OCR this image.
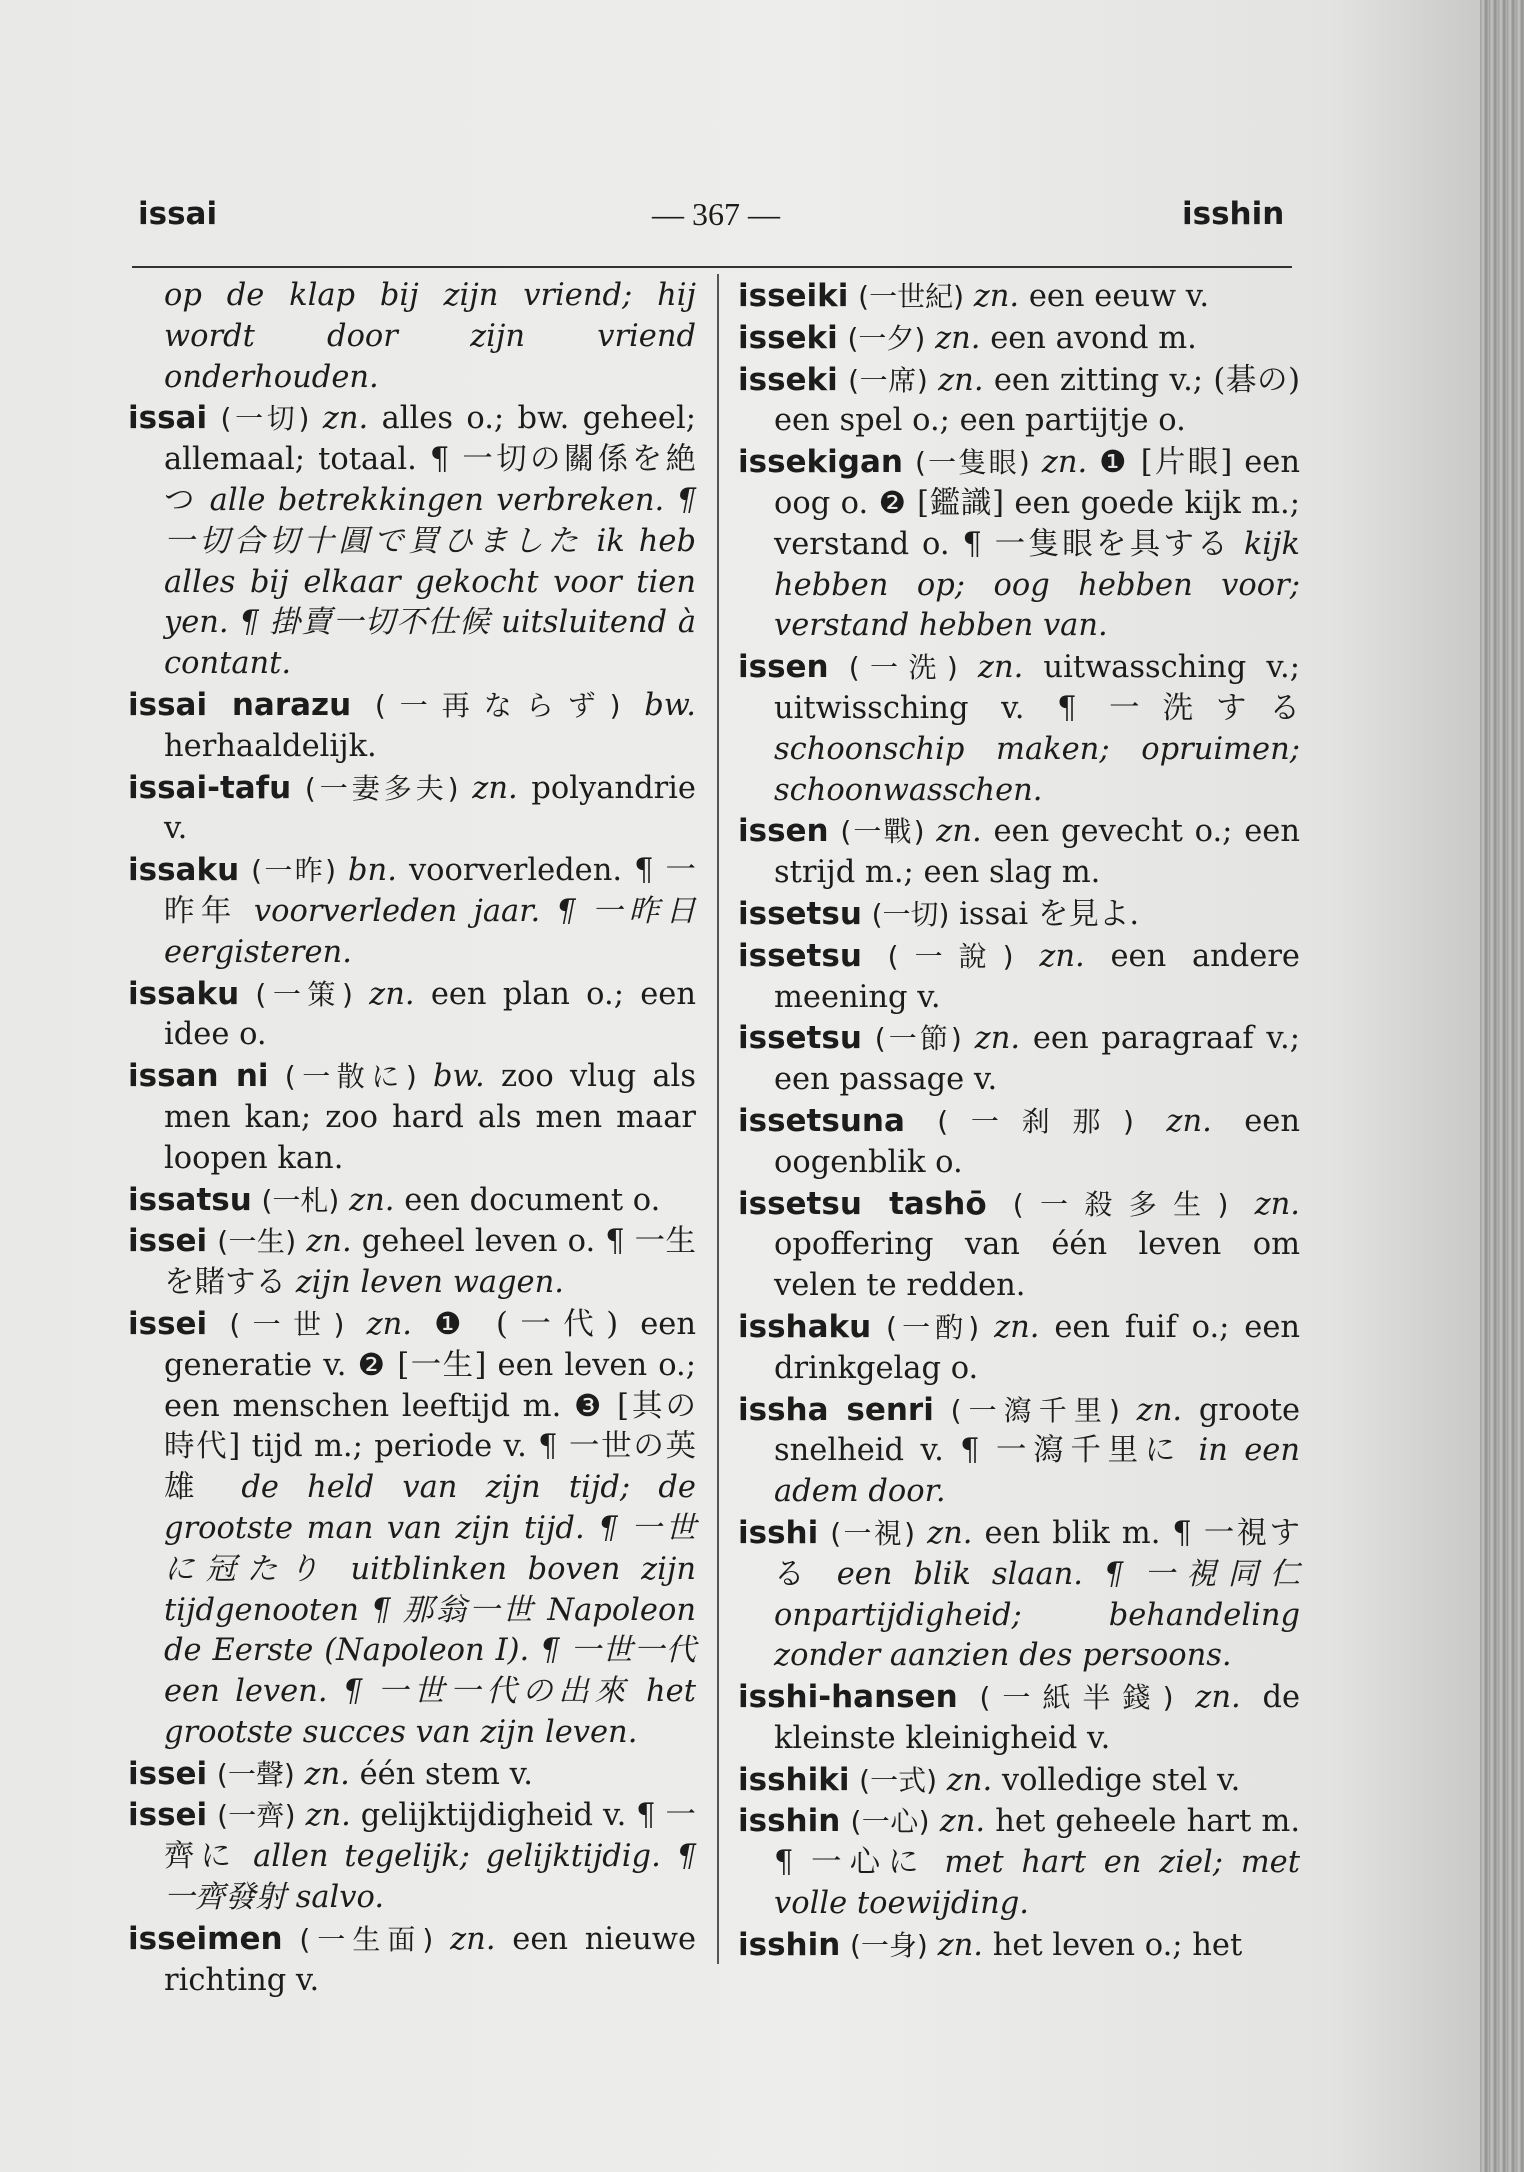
issai	— 367 —	isshin

op de klap bij zijn vriend; hij wordt door zijn vriend onderhouden.

issai (一切) zn. alles o.; bw. geheel; allemaal; totaal. ¶ 一切の關係を絶つ alle betrekkingen verbreken. ¶ 一切合切十圓で買ひました ik heb alles bij elkaar gekocht voor tien yen. ¶ 掛賣一切不仕候 uitsluitend à contant.

issai narazu (一再ならず) bw. herhaaldelijk.

issai-tafu (一妻多夫) zn. polyandrie v.

issaku (一昨) bn. voorverleden. ¶ 一昨年 voorverleden jaar. ¶ 一昨日 eergisteren.

issaku (一策) zn. een plan o.; een idee o.

issan ni (一散に) bw. zoo vlug als men kan; zoo hard als men maar loopen kan.

issatsu (一札) zn. een document o.

issei (一生) zn. geheel leven o. ¶ 一生を賭する zijn leven wagen.

issei (一世) zn. ❶ (一代) een generatie v. ❷ [一生] een leven o.; een menschen leeftijd m. ❸ [其の時代] tijd m.; periode v. ¶ 一世の英雄 de held van zijn tijd; de grootste man van zijn tijd. ¶ 一世に冠たり uitblinken boven zijn tijdgenooten ¶ 那翁一世 Napoleon de Eerste (Napoleon I). ¶ 一世一代 een leven. ¶ 一世一代の出來 het grootste succes van zijn leven.

issei (一聲) zn. één stem v.

issei (一齊) zn. gelijktijdigheid v. ¶ 一齊に allen tegelijk; gelijktijdig. ¶ 一齊發射 salvo.

isseimen (一生面) zn. een nieuwe richting v.

isseiki (一世紀) zn. een eeuw v.

isseki (一夕) zn. een avond m.

isseki (一席) zn. een zitting v.; (碁の) een spel o.; een partijtje o.

issekigan (一隻眼) zn. ❶ [片眼] een oog o. ❷ [鑑識] een goede kijk m.; verstand o. ¶ 一隻眼を具する kijk hebben op; oog hebben voor; verstand hebben van.

issen (一洗) zn. uitwassching v.; uitwissching v. ¶ 一洗する schoonschip maken; opruimen; schoonwasschen.

issen (一戰) zn. een gevecht o.; een strijd m.; een slag m.

issetsu (一切) issai を見よ.

issetsu (一說) zn. een andere meening v.

issetsu (一節) zn. een paragraaf v.; een passage v.

issetsuna (一刹那) zn. een oogenblik o.

issetsu tashō (一殺多生) zn. opoffering van één leven om velen te redden.

isshaku (一酌) zn. een fuif o.; een drinkgelag o.

issha senri (一瀉千里) zn. groote snelheid v. ¶ 一瀉千里に in een adem door.

isshi (一視) zn. een blik m. ¶ 一視する een blik slaan. ¶ 一視同仁 onpartijdigheid; behandeling zonder aanzien des persoons.

isshi-hansen (一紙半錢) zn. de kleinste kleinigheid v.

isshiki (一式) zn. volledige stel v.

isshin (一心) zn. het geheele hart m. ¶ 一心に met hart en ziel; met volle toewijding.

isshin (一身) zn. het leven o.; het
